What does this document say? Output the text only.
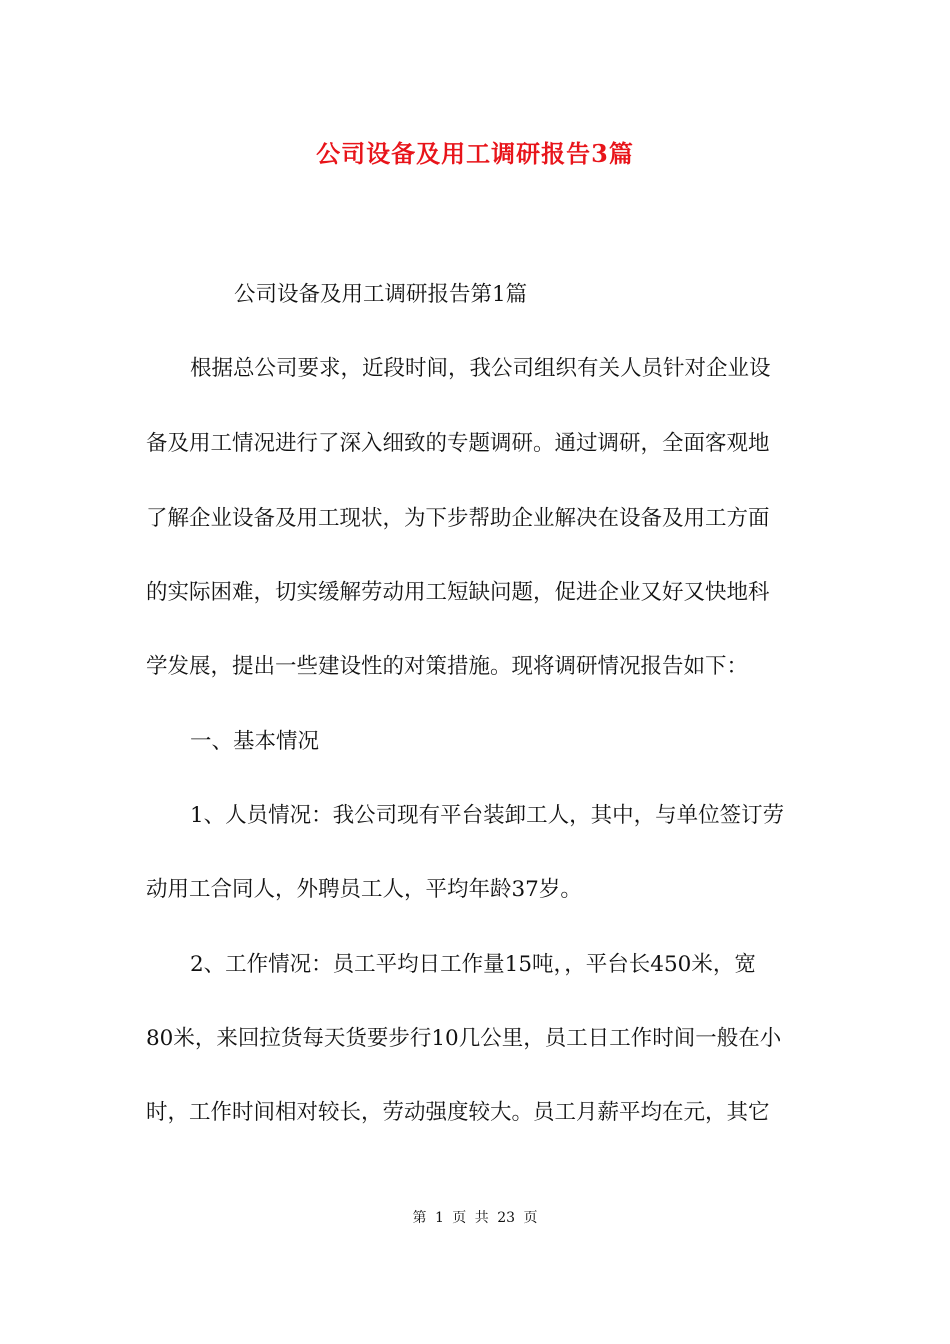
公司设备及用工调研报告3篇
公司设备及用工调研报告第1篇
根据总公司要求，近段时间，我公司组织有关人员针对企业设
备及用工情况进行了深入细致的专题调研。通过调研，全面客观地
了解企业设备及用工现状，为下步帮助企业解决在设备及用工方面
的实际困难，切实缓解劳动用工短缺问题，促进企业又好又快地科
学发展，提出一些建设性的对策措施。现将调研情况报告如下：
一、基本情况
1、人员情况：我公司现有平台装卸工人，其中，与单位签订劳
动用工合同人，外聘员工人，平均年龄37岁。
2、工作情况：员工平均日工作量15吨，，平台长450米，宽
80米，来回拉货每天货要步行10几公里，员工日工作时间一般在小
时，工作时间相对较长，劳动强度较大。员工月薪平均在元，其它
第 1 页 共 23 页
